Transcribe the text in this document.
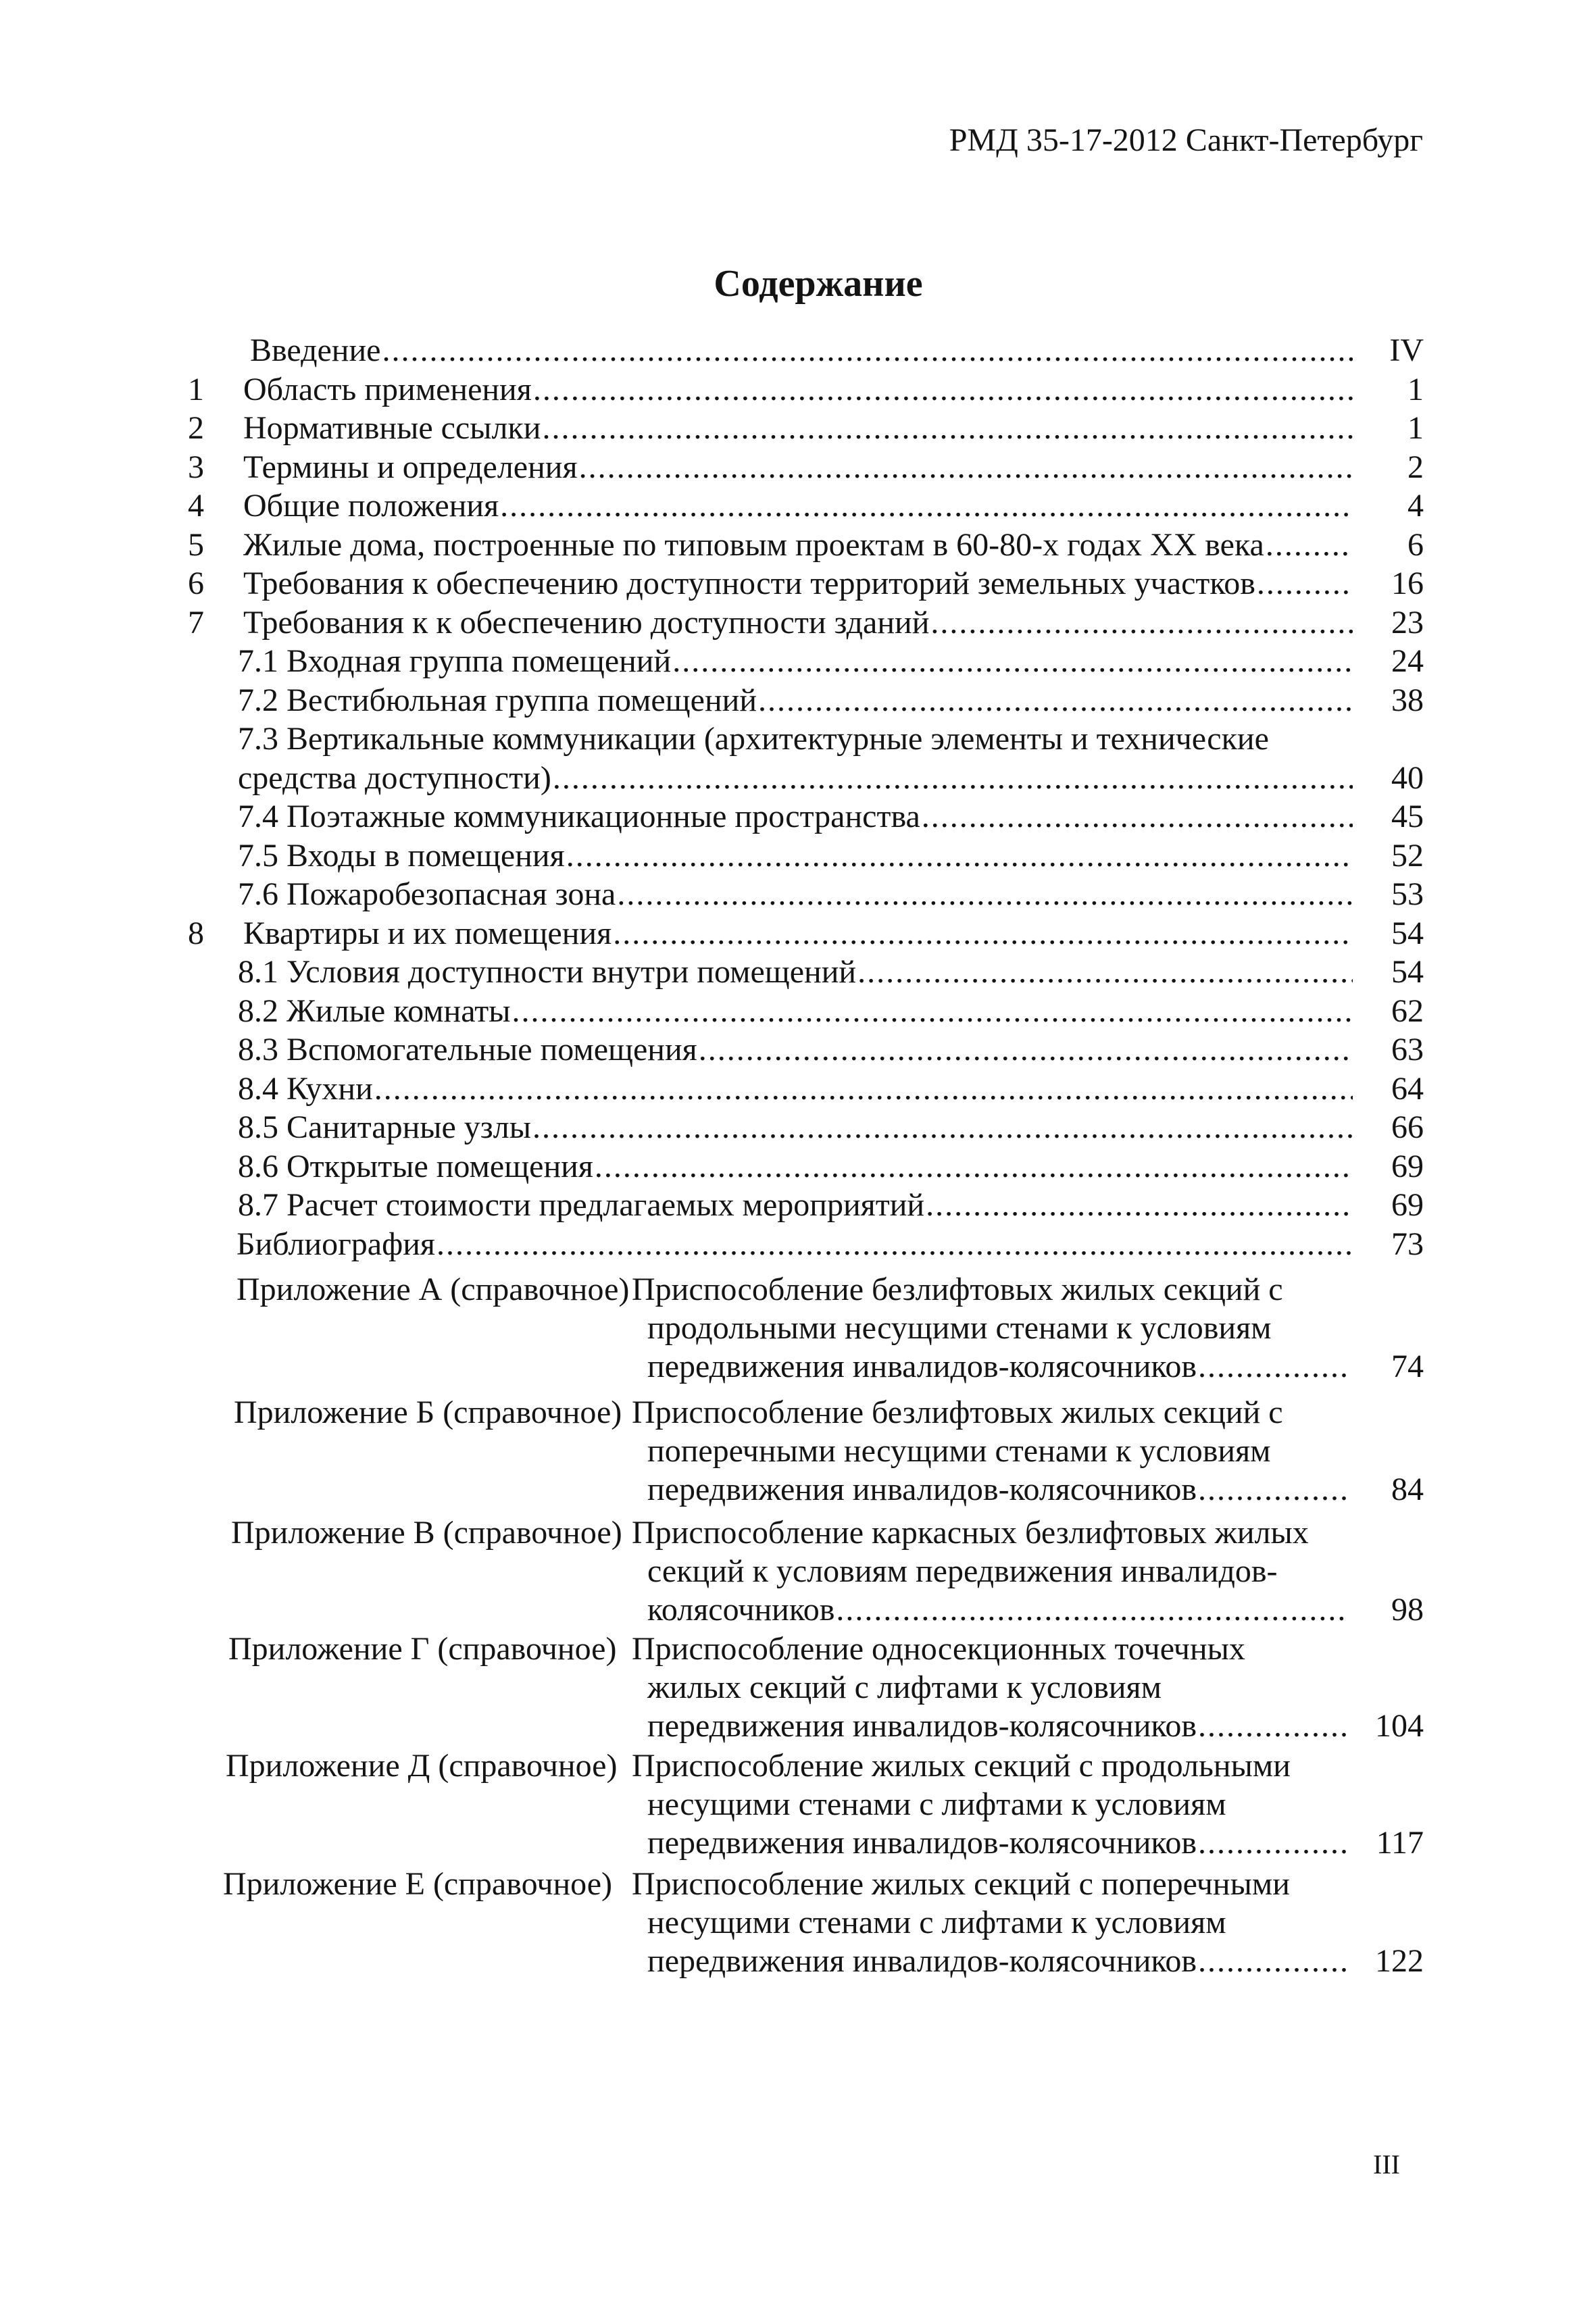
РМД 35-17-2012 Санкт-Петербург
Содержание
Введение .....	IV
1 Область применения .....	1
2 Нормативные ссылки .....	1
3 Термины и определения .....	2
4 Общие положения .....	4
5 Жилые дома, построенные по типовым проектам в 60-80-х годах XX века .....	6
6 Требования к обеспечению доступности территорий земельных участков .....	16
7 Требования к к обеспечению доступности зданий .....	23
7.1 Входная группа помещений .....	24
7.2 Вестибюльная группа помещений .....	38
7.3 Вертикальные коммуникации (архитектурные элементы и технические
средства доступности) .....	40
7.4 Поэтажные коммуникационные пространства .....	45
7.5 Входы в помещения .....	52
7.6 Пожаробезопасная зона .....	53
8 Квартиры и их помещения .....	54
8.1 Условия доступности внутри помещений .....	54
8.2 Жилые комнаты .....	62
8.3 Вспомогательные помещения .....	63
8.4 Кухни .....	64
8.5 Санитарные узлы .....	66
8.6 Открытые помещения .....	69
8.7 Расчет стоимости предлагаемых мероприятий .....	69
Библиография .....	73
Приложение А (справочное) Приспособление безлифтовых жилых секций с
продольными несущими стенами к условиям
передвижения инвалидов-колясочников .....	74
Приложение Б (справочное) Приспособление безлифтовых жилых секций с
поперечными несущими стенами к условиям
передвижения инвалидов-колясочников .....	84
Приложение В (справочное) Приспособление каркасных безлифтовых жилых
секций к условиям передвижения инвалидов-
колясочников .....	98
Приложение Г (справочное) Приспособление односекционных точечных
жилых секций с лифтами к условиям
передвижения инвалидов-колясочников .....	104
Приложение Д (справочное) Приспособление жилых секций с продольными
несущими стенами с лифтами к условиям
передвижения инвалидов-колясочников .....	117
Приложение Е (справочное) Приспособление жилых секций с поперечными
несущими стенами с лифтами к условиям
передвижения инвалидов-колясочников .....	122
III
